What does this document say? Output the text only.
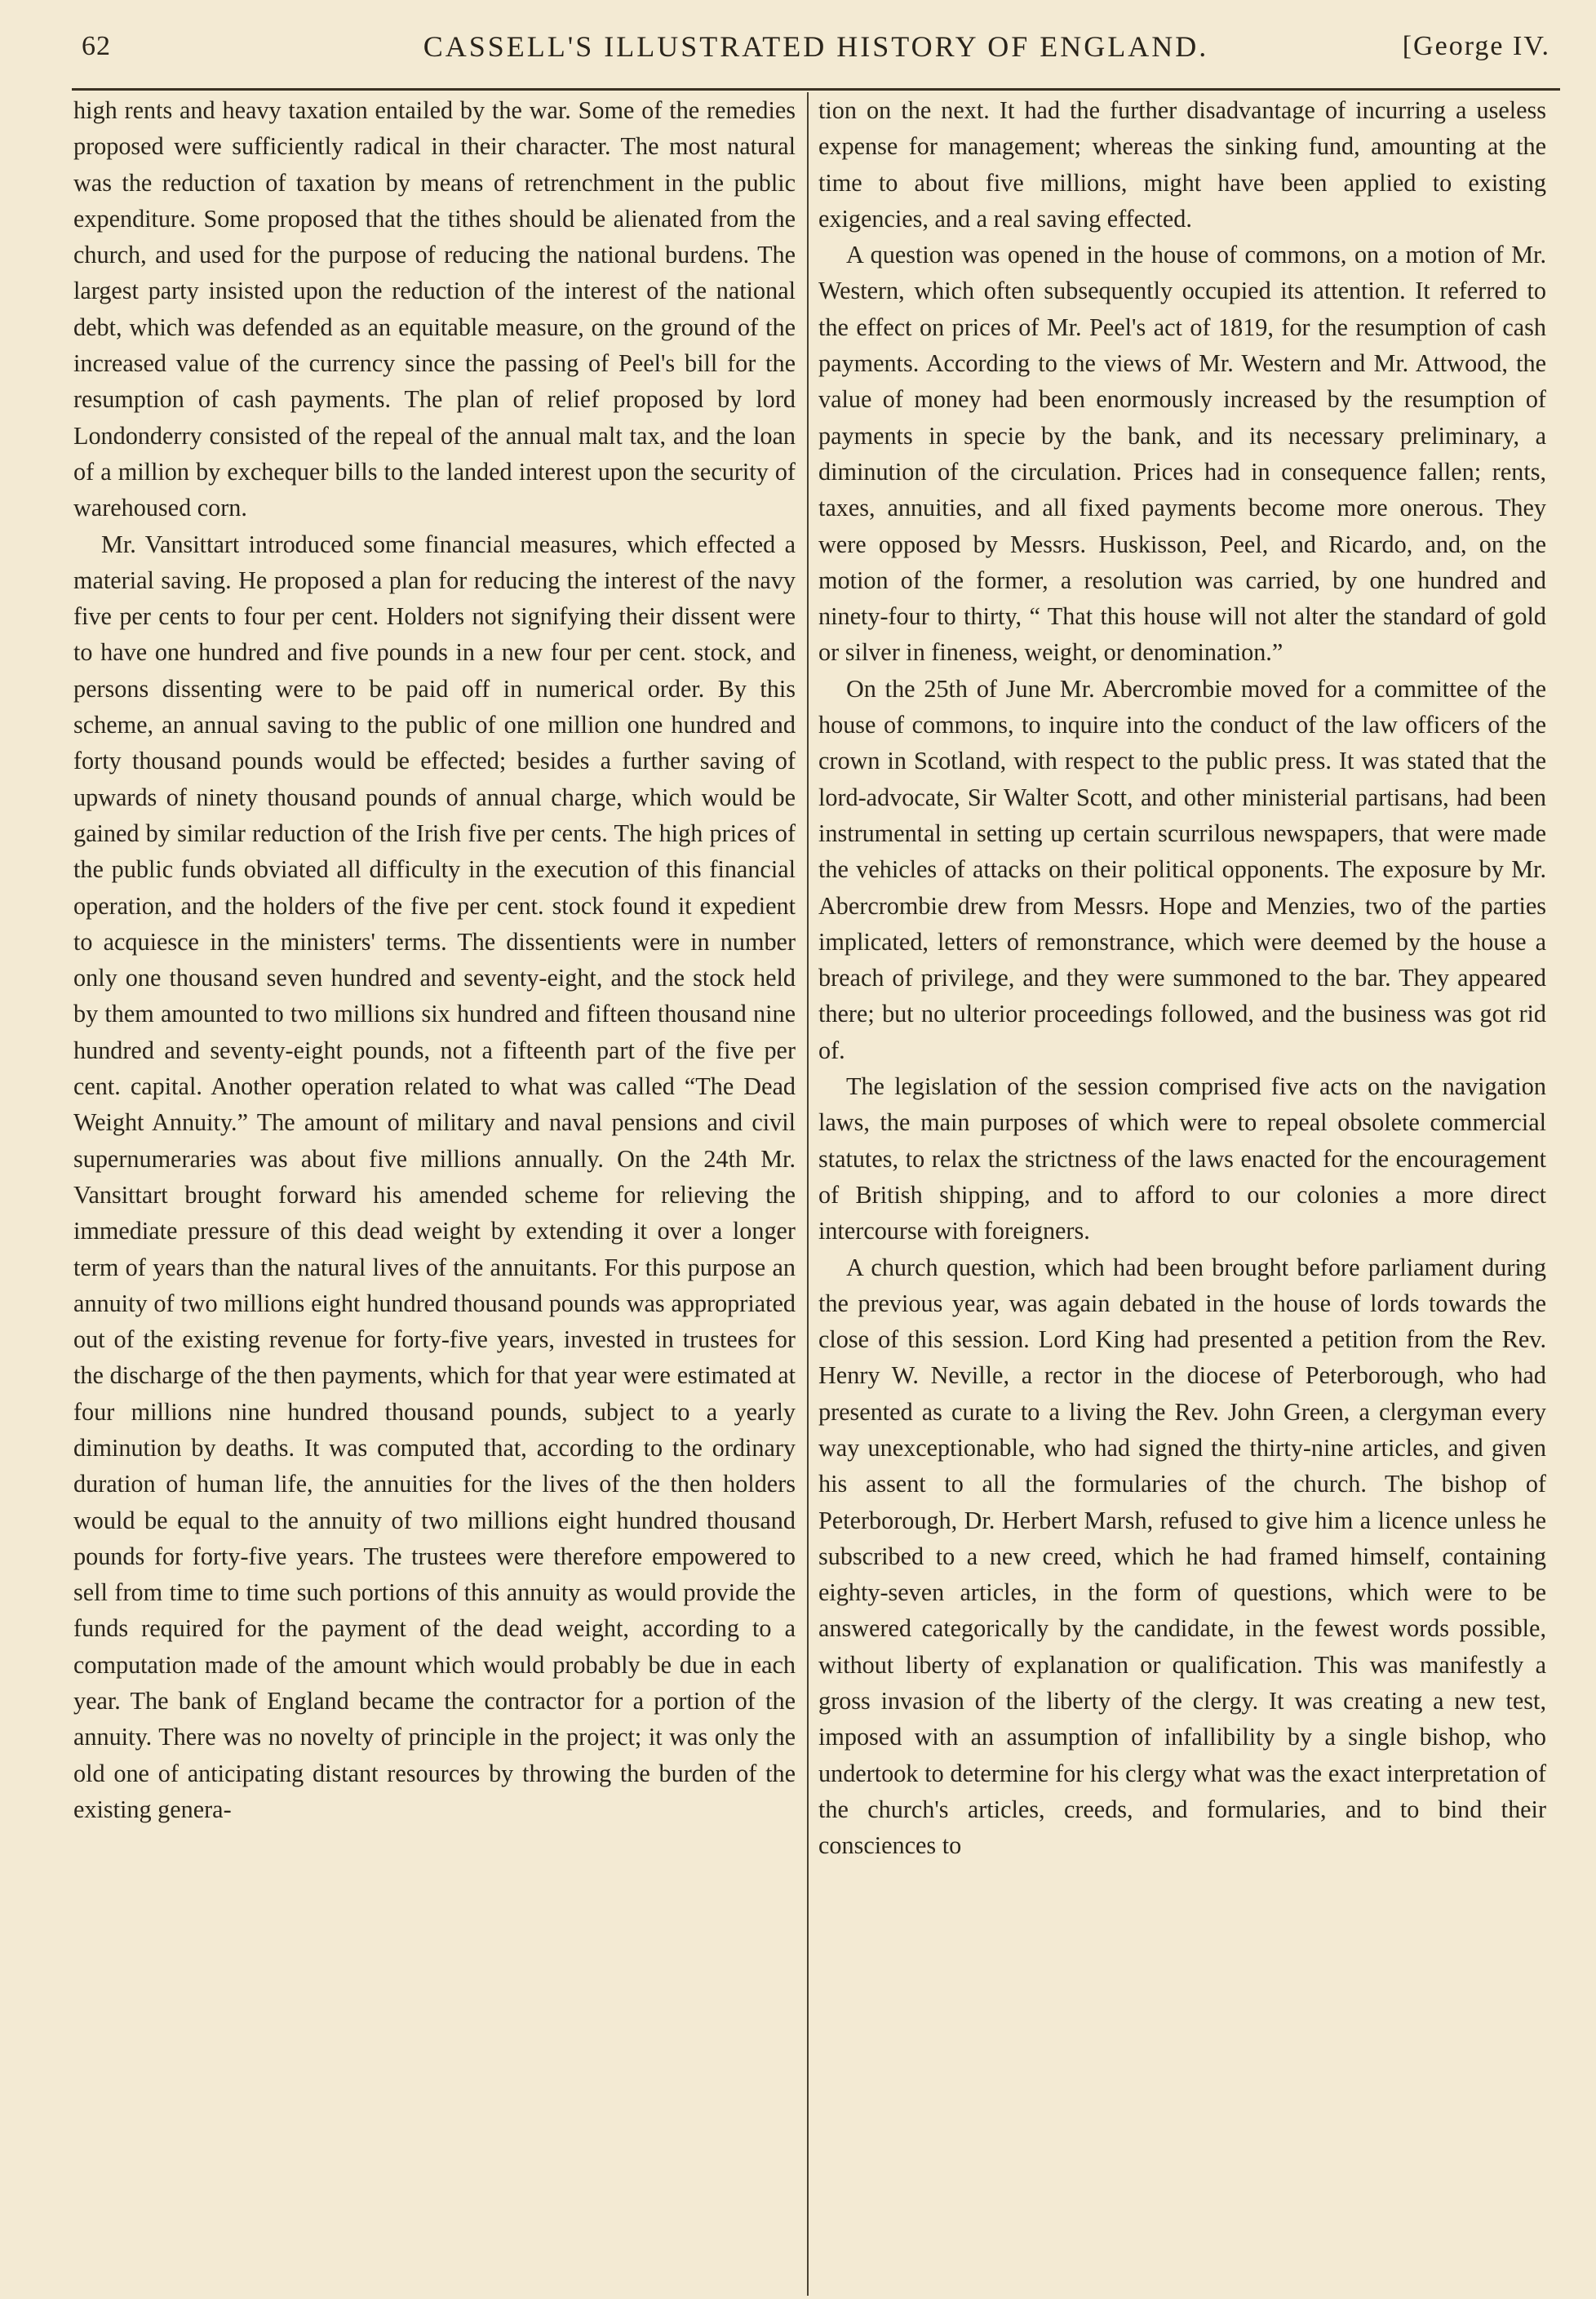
62	CASSELL'S ILLUSTRATED HISTORY OF ENGLAND.	[George IV.

high rents and heavy taxation entailed by the war. Some of the remedies proposed were sufficiently radical in their character. The most natural was the reduction of taxation by means of retrenchment in the public expenditure. Some proposed that the tithes should be alienated from the church, and used for the purpose of reducing the national burdens. The largest party insisted upon the reduction of the interest of the national debt, which was defended as an equitable measure, on the ground of the increased value of the currency since the passing of Peel's bill for the resumption of cash payments. The plan of relief proposed by lord Londonderry consisted of the repeal of the annual malt tax, and the loan of a million by exchequer bills to the landed interest upon the security of warehoused corn.

Mr. Vansittart introduced some financial measures, which effected a material saving. He proposed a plan for reducing the interest of the navy five per cents to four per cent. Holders not signifying their dissent were to have one hundred and five pounds in a new four per cent. stock, and persons dissenting were to be paid off in numerical order. By this scheme, an annual saving to the public of one million one hundred and forty thousand pounds would be effected; besides a further saving of upwards of ninety thousand pounds of annual charge, which would be gained by similar reduction of the Irish five per cents. The high prices of the public funds obviated all difficulty in the execution of this financial operation, and the holders of the five per cent. stock found it expedient to acquiesce in the ministers' terms. The dissentients were in number only one thousand seven hundred and seventy-eight, and the stock held by them amounted to two millions six hundred and fifteen thousand nine hundred and seventy-eight pounds, not a fifteenth part of the five per cent. capital. Another operation related to what was called “The Dead Weight Annuity.” The amount of military and naval pensions and civil supernumeraries was about five millions annually. On the 24th Mr. Vansittart brought forward his amended scheme for relieving the immediate pressure of this dead weight by extending it over a longer term of years than the natural lives of the annuitants. For this purpose an annuity of two millions eight hundred thousand pounds was appropriated out of the existing revenue for forty-five years, invested in trustees for the discharge of the then payments, which for that year were estimated at four millions nine hundred thousand pounds, subject to a yearly diminution by deaths. It was computed that, according to the ordinary duration of human life, the annuities for the lives of the then holders would be equal to the annuity of two millions eight hundred thousand pounds for forty-five years. The trustees were therefore empowered to sell from time to time such portions of this annuity as would provide the funds required for the payment of the dead weight, according to a computation made of the amount which would probably be due in each year. The bank of England became the contractor for a portion of the annuity. There was no novelty of principle in the project; it was only the old one of anticipating distant resources by throwing the burden of the existing genera-

tion on the next. It had the further disadvantage of incurring a useless expense for management; whereas the sinking fund, amounting at the time to about five millions, might have been applied to existing exigencies, and a real saving effected.

A question was opened in the house of commons, on a motion of Mr. Western, which often subsequently occupied its attention. It referred to the effect on prices of Mr. Peel's act of 1819, for the resumption of cash payments. According to the views of Mr. Western and Mr. Attwood, the value of money had been enormously increased by the resumption of payments in specie by the bank, and its necessary preliminary, a diminution of the circulation. Prices had in consequence fallen; rents, taxes, annuities, and all fixed payments become more onerous. They were opposed by Messrs. Huskisson, Peel, and Ricardo, and, on the motion of the former, a resolution was carried, by one hundred and ninety-four to thirty, “ That this house will not alter the standard of gold or silver in fineness, weight, or denomination.”

On the 25th of June Mr. Abercrombie moved for a committee of the house of commons, to inquire into the conduct of the law officers of the crown in Scotland, with respect to the public press. It was stated that the lord-advocate, Sir Walter Scott, and other ministerial partisans, had been instrumental in setting up certain scurrilous newspapers, that were made the vehicles of attacks on their political opponents. The exposure by Mr. Abercrombie drew from Messrs. Hope and Menzies, two of the parties implicated, letters of remonstrance, which were deemed by the house a breach of privilege, and they were summoned to the bar. They appeared there; but no ulterior proceedings followed, and the business was got rid of.

The legislation of the session comprised five acts on the navigation laws, the main purposes of which were to repeal obsolete commercial statutes, to relax the strictness of the laws enacted for the encouragement of British shipping, and to afford to our colonies a more direct intercourse with foreigners.

A church question, which had been brought before parliament during the previous year, was again debated in the house of lords towards the close of this session. Lord King had presented a petition from the Rev. Henry W. Neville, a rector in the diocese of Peterborough, who had presented as curate to a living the Rev. John Green, a clergyman every way unexceptionable, who had signed the thirty-nine articles, and given his assent to all the formularies of the church. The bishop of Peterborough, Dr. Herbert Marsh, refused to give him a licence unless he subscribed to a new creed, which he had framed himself, containing eighty-seven articles, in the form of questions, which were to be answered categorically by the candidate, in the fewest words possible, without liberty of explanation or qualification. This was manifestly a gross invasion of the liberty of the clergy. It was creating a new test, imposed with an assumption of infallibility by a single bishop, who undertook to determine for his clergy what was the exact interpretation of the church's articles, creeds, and formularies, and to bind their consciences to
